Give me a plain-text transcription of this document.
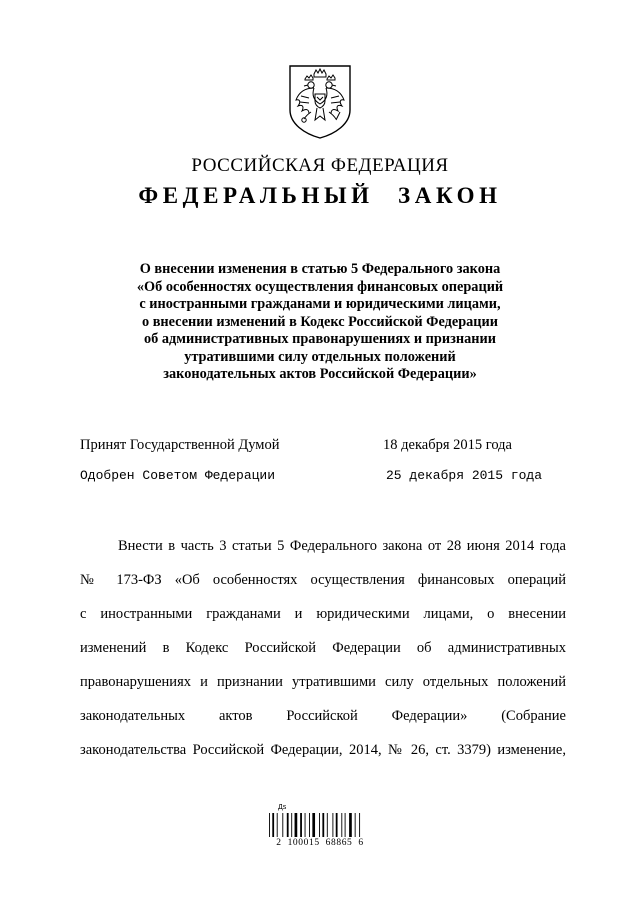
РОССИЙСКАЯ ФЕДЕРАЦИЯ
ФЕДЕРАЛЬНЫЙ ЗАКОН
О внесении изменения в статью 5 Федерального закона
«Об особенностях осуществления финансовых операций
с иностранными гражданами и юридическими лицами,
о внесении изменений в Кодекс Российской Федерации
об административных правонарушениях и признании
утратившими силу отдельных положений
законодательных актов Российской Федерации»
Принят Государственной Думой	18 декабря 2015 года
Одобрен Советом Федерации	25 декабря 2015 года
Внести в часть 3 статьи 5 Федерального закона от 28 июня 2014 года
№ 173-ФЗ «Об особенностях осуществления финансовых операций
с иностранными гражданами и юридическими лицами, о внесении
изменений в Кодекс Российской Федерации об административных
правонарушениях и признании утратившими силу отдельных положений
законодательных актов Российской Федерации» (Собрание
законодательства Российской Федерации, 2014, № 26, ст. 3379) изменение,
Дs
2 100015 68865 6
